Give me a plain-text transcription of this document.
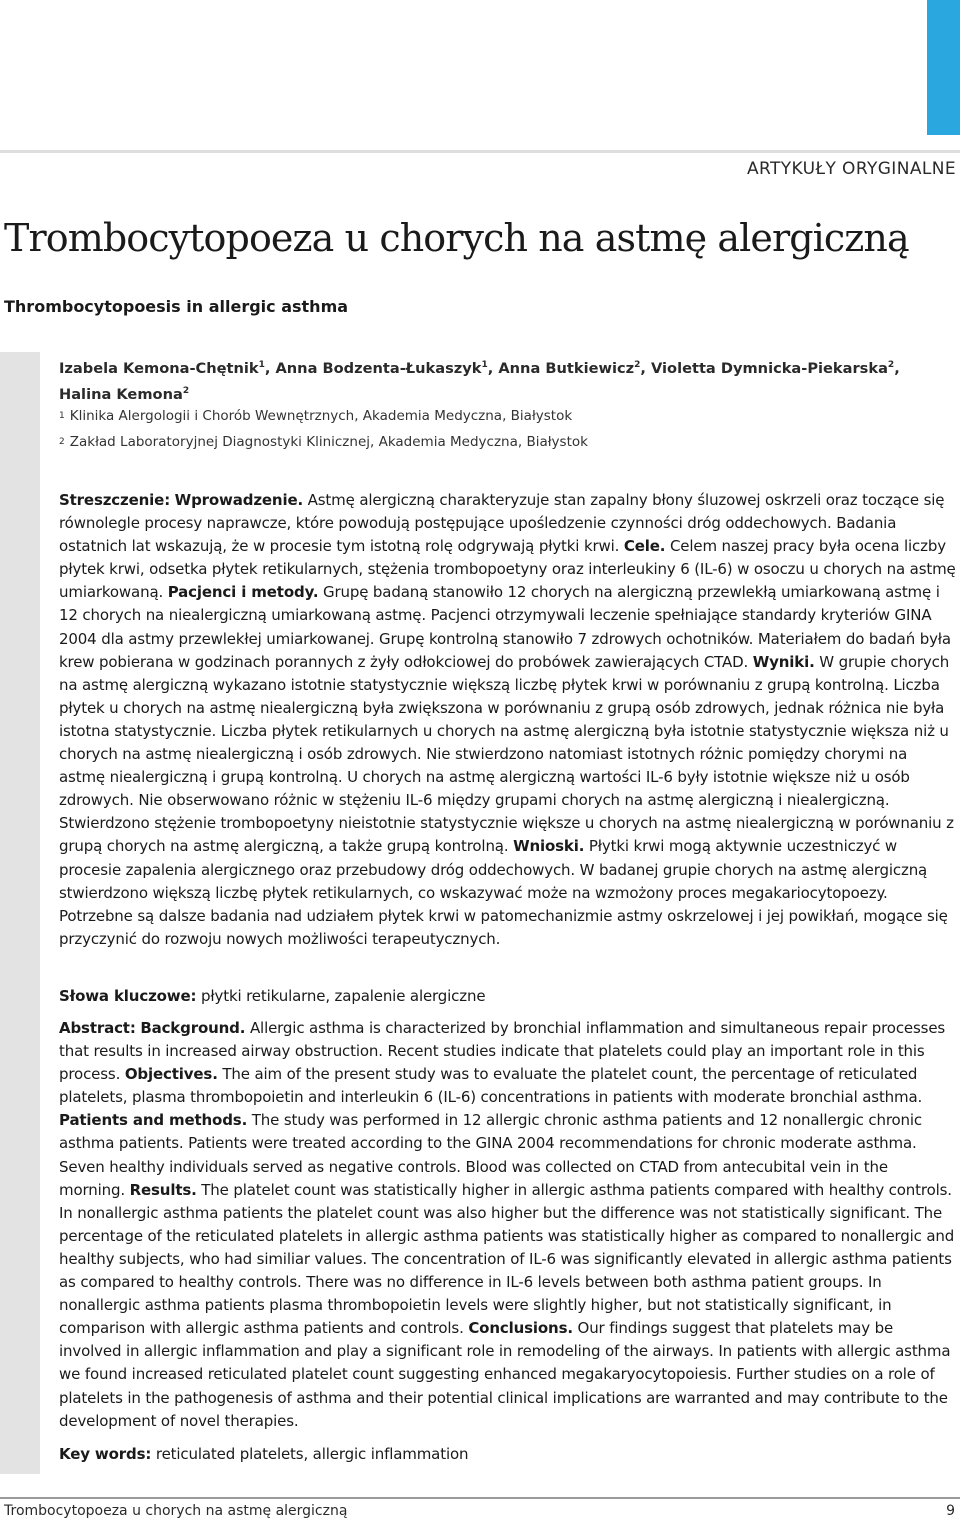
ARTYKUŁY ORYGINALNE
Trombocytopoeza u chorych na astmę alergiczną
Thrombocytopoesis in allergic asthma
Izabela Kemona-Chętnik$^1$, Anna Bodzenta-Łukaszyk$^1$, Anna Butkiewicz$^2$, Violetta Dymnicka-Piekarska$^2$,
Halina Kemona$^2$
$^1$ Klinika Alergologii i Chorób Wewnętrznych, Akademia Medyczna, Białystok
$^2$ Zakład Laboratoryjnej Diagnostyki Klinicznej, Akademia Medyczna, Białystok

Streszczenie: Wprowadzenie. Astmę alergiczną charakteryzuje stan zapalny błony śluzowej oskrzeli oraz toczące się równolegle procesy naprawcze, które powodują postępujące upośledzenie czynności dróg oddechowych. Badania ostatnich lat wskazują, że w procesie tym istotną rolę odgrywają płytki krwi. Cele. Celem naszej pracy była ocena liczby płytek krwi, odsetka płytek retikularnych, stężenia trombopoetyny oraz interleukiny 6 (IL-6) w osoczu u chorych na astmę umiarkowaną. Pacjenci i metody. Grupę badaną stanowiło 12 chorych na alergiczną przewlekłą umiarkowaną astmę i 12 chorych na niealergiczną umiarkowaną astmę. Pacjenci otrzymywali leczenie spełniające standardy kryteriów GINA 2004 dla astmy przewlekłej umiarkowanej. Grupę kontrolną stanowiło 7 zdrowych ochotników. Materiałem do badań była krew pobierana w godzinach porannych z żyły odłokciowej do probówek zawierających CTAD. Wyniki. W grupie chorych na astmę alergiczną wykazano istotnie statystycznie większą liczbę płytek krwi w porównaniu z grupą kontrolną. Liczba płytek u chorych na astmę niealergiczną była zwiększona w porównaniu z grupą osób zdrowych, jednak różnica nie była istotna statystycznie. Liczba płytek retikularnych u chorych na astmę alergiczną była istotnie statystycznie większa niż u chorych na astmę niealergiczną i osób zdrowych. Nie stwierdzono natomiast istotnych różnic pomiędzy chorymi na astmę niealergiczną i grupą kontrolną. U chorych na astmę alergiczną wartości IL-6 były istotnie większe niż u osób zdrowych. Nie obserwowano różnic w stężeniu IL-6 między grupami chorych na astmę alergiczną i niealergiczną. Stwierdzono stężenie trombopoetyny nieistotnie statystycznie większe u chorych na astmę niealergiczną w porównaniu z grupą chorych na astmę alergiczną, a także grupą kontrolną. Wnioski. Płytki krwi mogą aktywnie uczestniczyć w procesie zapalenia alergicznego oraz przebudowy dróg oddechowych. W badanej grupie chorych na astmę alergiczną stwierdzono większą liczbę płytek retikularnych, co wskazywać może na wzmożony proces megakariocytopoezy. Potrzebne są dalsze badania nad udziałem płytek krwi w patomechanizmie astmy oskrzelowej i jej powikłań, mogące się przyczynić do rozwoju nowych możliwości terapeutycznych.

Słowa kluczowe: płytki retikularne, zapalenie alergiczne

Abstract: Background. Allergic asthma is characterized by bronchial inflammation and simultaneous repair processes that results in increased airway obstruction. Recent studies indicate that platelets could play an important role in this process. Objectives. The aim of the present study was to evaluate the platelet count, the percentage of reticulated platelets, plasma thrombopoietin and interleukin 6 (IL-6) concentrations in patients with moderate bronchial asthma. Patients and methods. The study was performed in 12 allergic chronic asthma patients and 12 nonallergic chronic asthma patients. Patients were treated according to the GINA 2004 recommendations for chronic moderate asthma. Seven healthy individuals served as negative controls. Blood was collected on CTAD from antecubital vein in the morning. Results. The platelet count was statistically higher in allergic asthma patients compared with healthy controls. In nonallergic asthma patients the platelet count was also higher but the difference was not statistically significant. The percentage of the reticulated platelets in allergic asthma patients was statistically higher as compared to nonallergic and healthy subjects, who had similiar values. The concentration of IL-6 was significantly elevated in allergic asthma patients as compared to healthy controls. There was no difference in IL-6 levels between both asthma patient groups. In nonallergic asthma patients plasma thrombopoietin levels were slightly higher, but not statistically significant, in comparison with allergic asthma patients and controls. Conclusions. Our findings suggest that platelets may be involved in allergic inflammation and play a significant role in remodeling of the airways. In patients with allergic asthma we found increased reticulated platelet count suggesting enhanced megakaryocytopoiesis. Further studies on a role of platelets in the pathogenesis of asthma and their potential clinical implications are warranted and may contribute to the development of novel therapies.

Key words: reticulated platelets, allergic inflammation

Trombocytopoeza u chorych na astmę alergiczną	9
